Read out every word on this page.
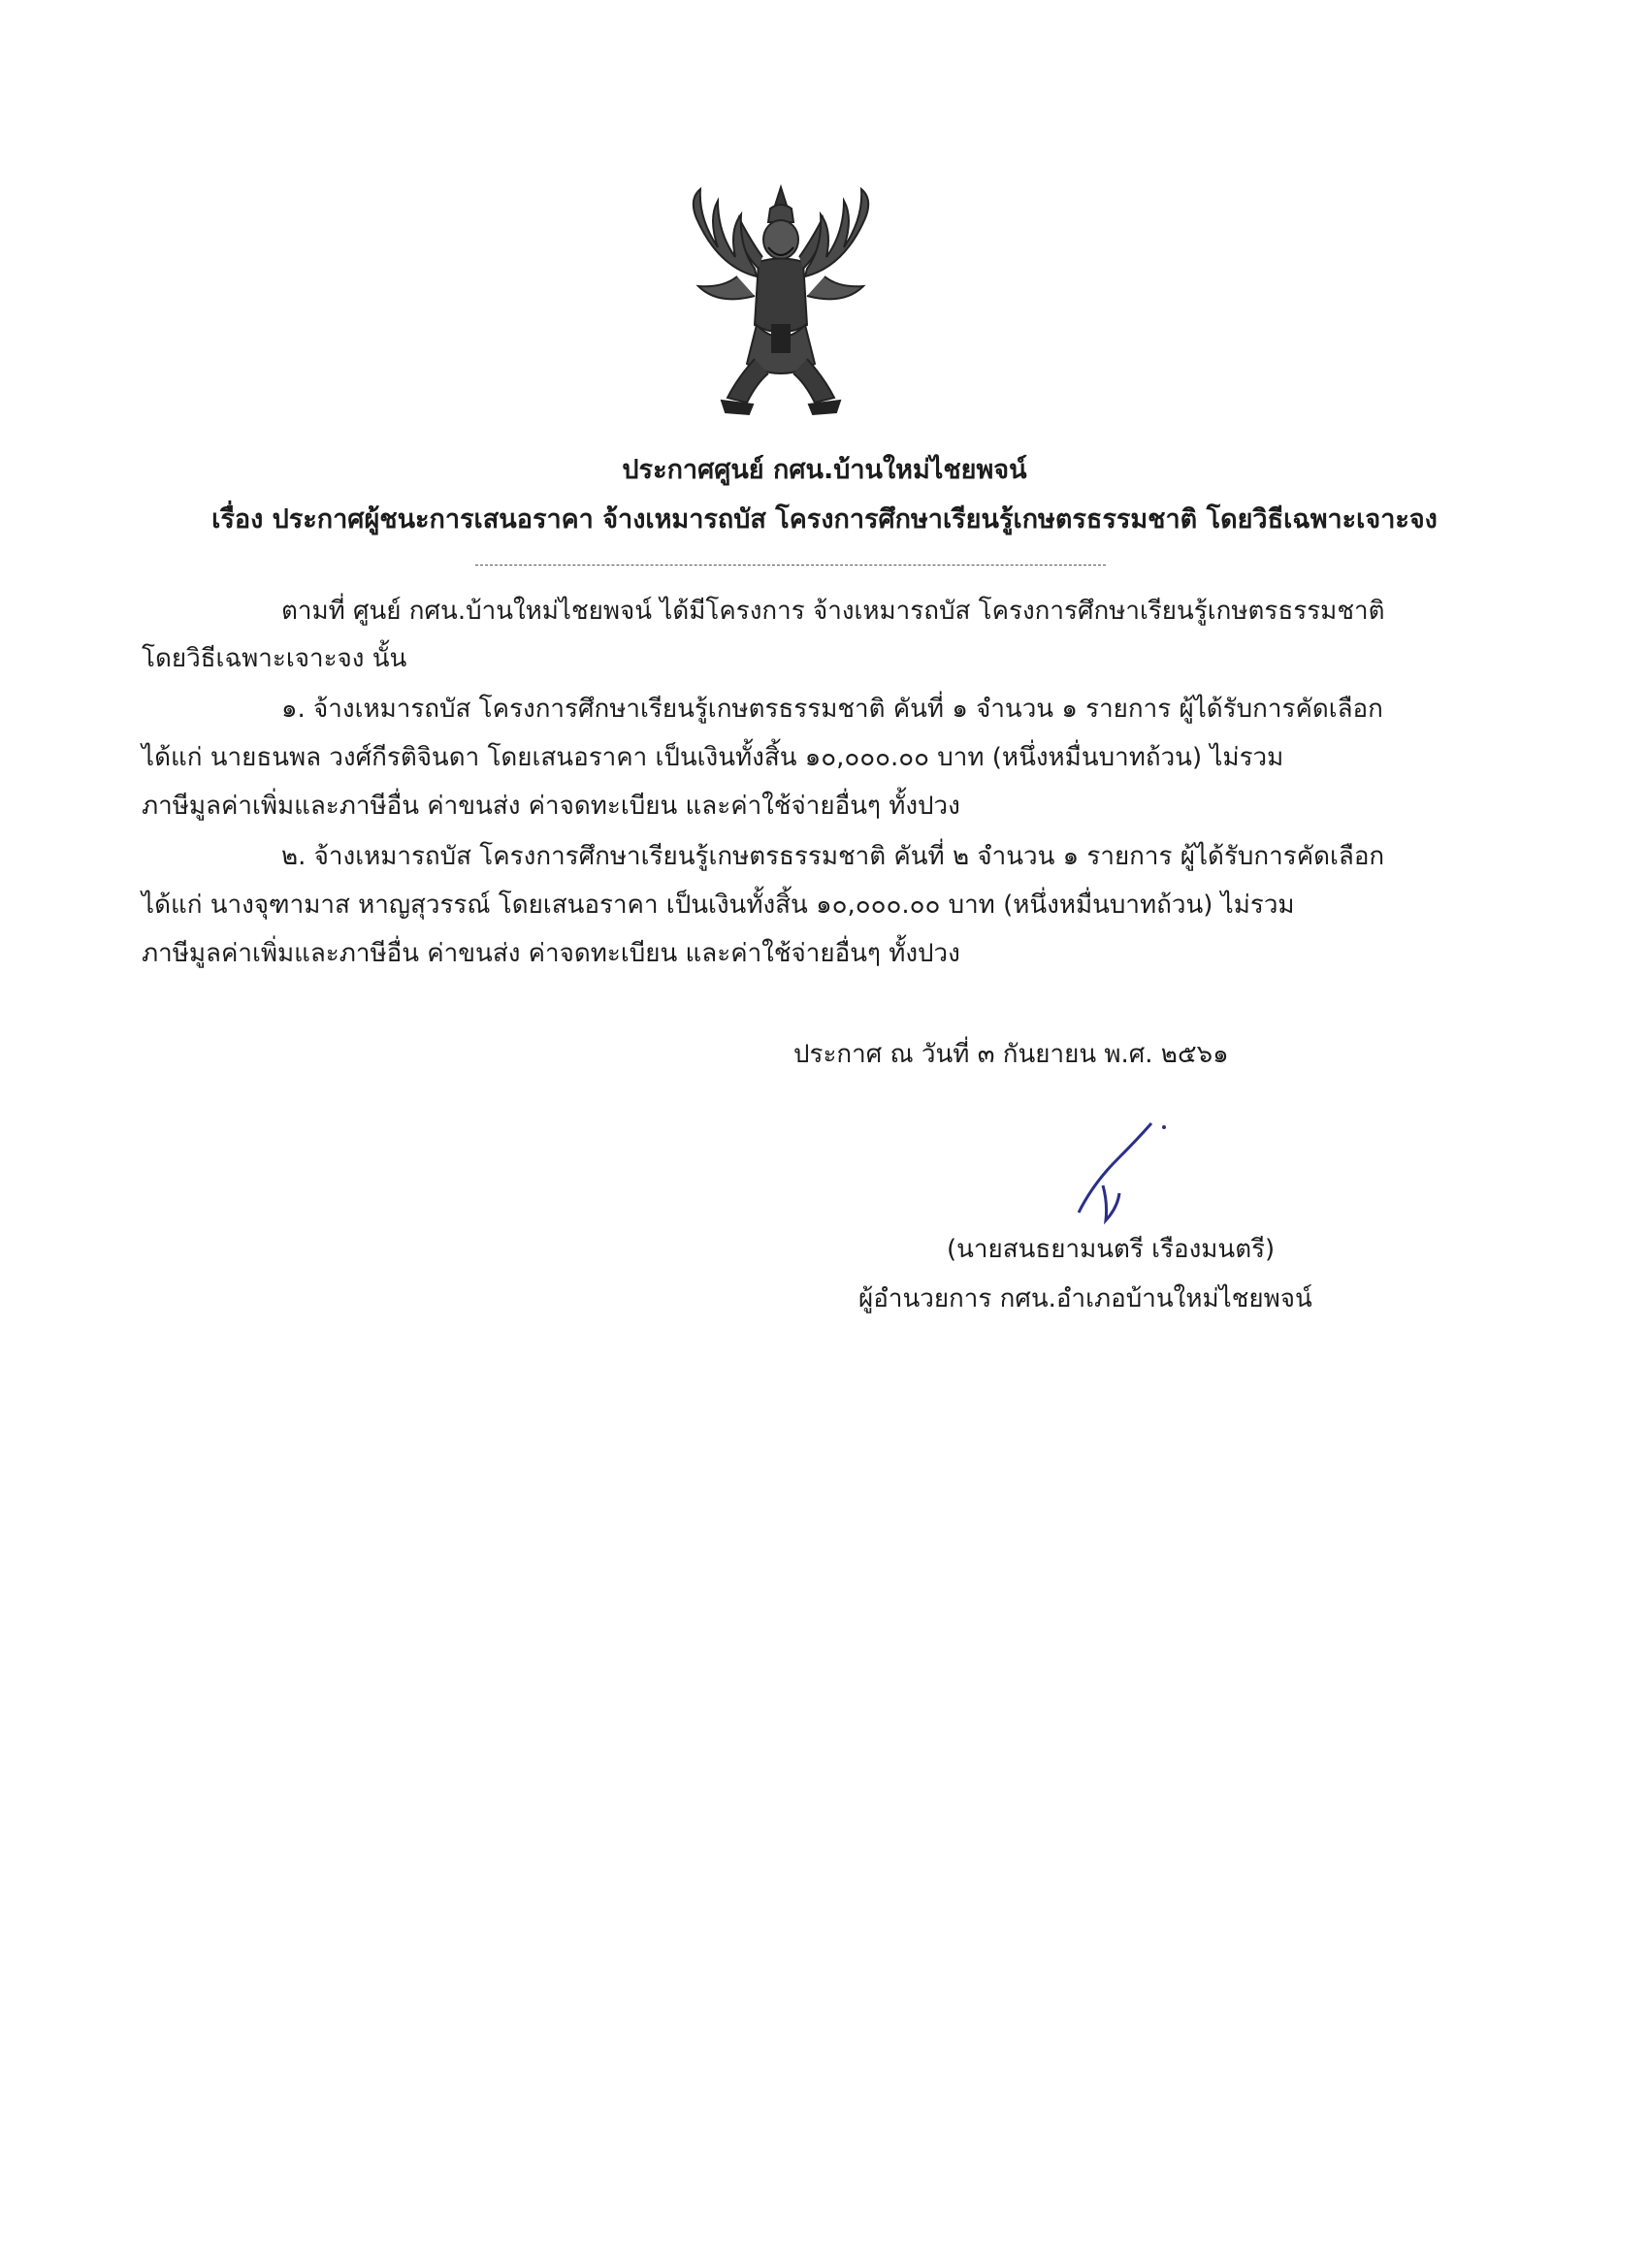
ประกาศศูนย์ กศน.บ้านใหม่ไชยพจน์
เรื่อง ประกาศผู้ชนะการเสนอราคา จ้างเหมารถบัส โครงการศึกษาเรียนรู้เกษตรธรรมชาติ โดยวิธีเฉพาะเจาะจง
ตามที่ ศูนย์ กศน.บ้านใหม่ไชยพจน์ ได้มีโครงการ จ้างเหมารถบัส โครงการศึกษาเรียนรู้เกษตรธรรมชาติ
โดยวิธีเฉพาะเจาะจง นั้น
๑. จ้างเหมารถบัส โครงการศึกษาเรียนรู้เกษตรธรรมชาติ คันที่ ๑ จำนวน ๑ รายการ ผู้ได้รับการคัดเลือก
ได้แก่ นายธนพล วงศ์กีรติจินดา โดยเสนอราคา เป็นเงินทั้งสิ้น ๑๐,๐๐๐.๐๐ บาท (หนึ่งหมื่นบาทถ้วน) ไม่รวม
ภาษีมูลค่าเพิ่มและภาษีอื่น ค่าขนส่ง ค่าจดทะเบียน และค่าใช้จ่ายอื่นๆ ทั้งปวง
๒. จ้างเหมารถบัส โครงการศึกษาเรียนรู้เกษตรธรรมชาติ คันที่ ๒ จำนวน ๑ รายการ ผู้ได้รับการคัดเลือก
ได้แก่ นางจุฑามาส หาญสุวรรณ์ โดยเสนอราคา เป็นเงินทั้งสิ้น ๑๐,๐๐๐.๐๐ บาท (หนึ่งหมื่นบาทถ้วน) ไม่รวม
ภาษีมูลค่าเพิ่มและภาษีอื่น ค่าขนส่ง ค่าจดทะเบียน และค่าใช้จ่ายอื่นๆ ทั้งปวง
ประกาศ ณ วันที่ ๓ กันยายน พ.ศ. ๒๕๖๑
(นายสนธยามนตรี เรืองมนตรี)
ผู้อำนวยการ กศน.อำเภอบ้านใหม่ไชยพจน์
